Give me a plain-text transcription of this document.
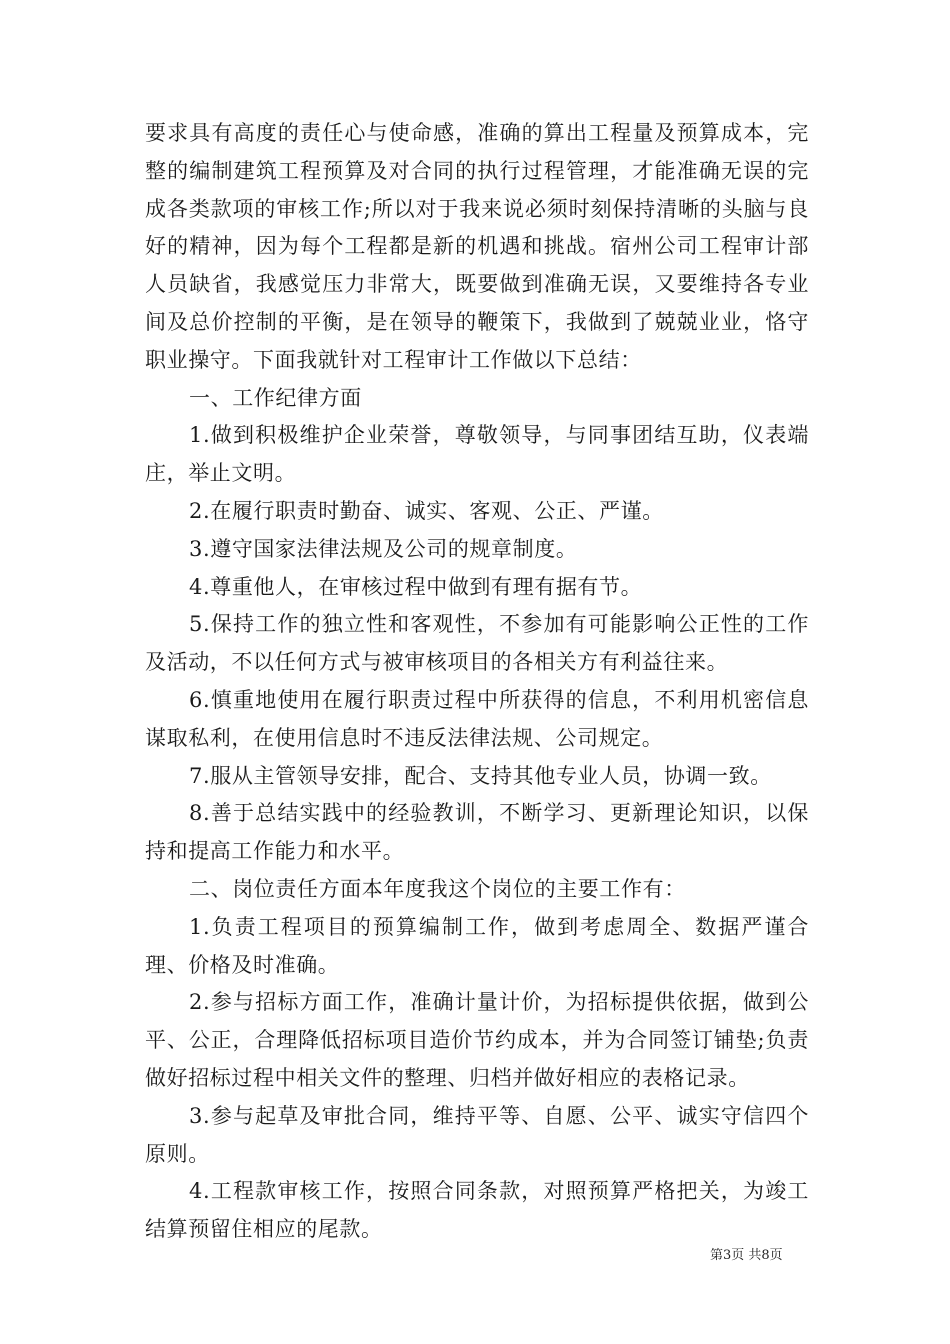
要求具有高度的责任心与使命感，准确的算出工程量及预算成本，完整的编制建筑工程预算及对合同的执行过程管理，才能准确无误的完成各类款项的审核工作;所以对于我来说必须时刻保持清晰的头脑与良好的精神，因为每个工程都是新的机遇和挑战。宿州公司工程审计部人员缺省，我感觉压力非常大，既要做到准确无误，又要维持各专业间及总价控制的平衡，是在领导的鞭策下，我做到了兢兢业业，恪守职业操守。下面我就针对工程审计工作做以下总结：

一、工作纪律方面

1.做到积极维护企业荣誉，尊敬领导，与同事团结互助，仪表端庄，举止文明。

2.在履行职责时勤奋、诚实、客观、公正、严谨。

3.遵守国家法律法规及公司的规章制度。

4.尊重他人，在审核过程中做到有理有据有节。

5.保持工作的独立性和客观性，不参加有可能影响公正性的工作及活动，不以任何方式与被审核项目的各相关方有利益往来。

6.慎重地使用在履行职责过程中所获得的信息，不利用机密信息谋取私利，在使用信息时不违反法律法规、公司规定。

7.服从主管领导安排，配合、支持其他专业人员，协调一致。

8.善于总结实践中的经验教训，不断学习、更新理论知识，以保持和提高工作能力和水平。

二、岗位责任方面本年度我这个岗位的主要工作有：

1.负责工程项目的预算编制工作，做到考虑周全、数据严谨合理、价格及时准确。

2.参与招标方面工作，准确计量计价，为招标提供依据，做到公平、公正，合理降低招标项目造价节约成本，并为合同签订铺垫;负责做好招标过程中相关文件的整理、归档并做好相应的表格记录。

3.参与起草及审批合同，维持平等、自愿、公平、诚实守信四个原则。

4.工程款审核工作，按照合同条款，对照预算严格把关，为竣工结算预留住相应的尾款。

第3页 共8页
